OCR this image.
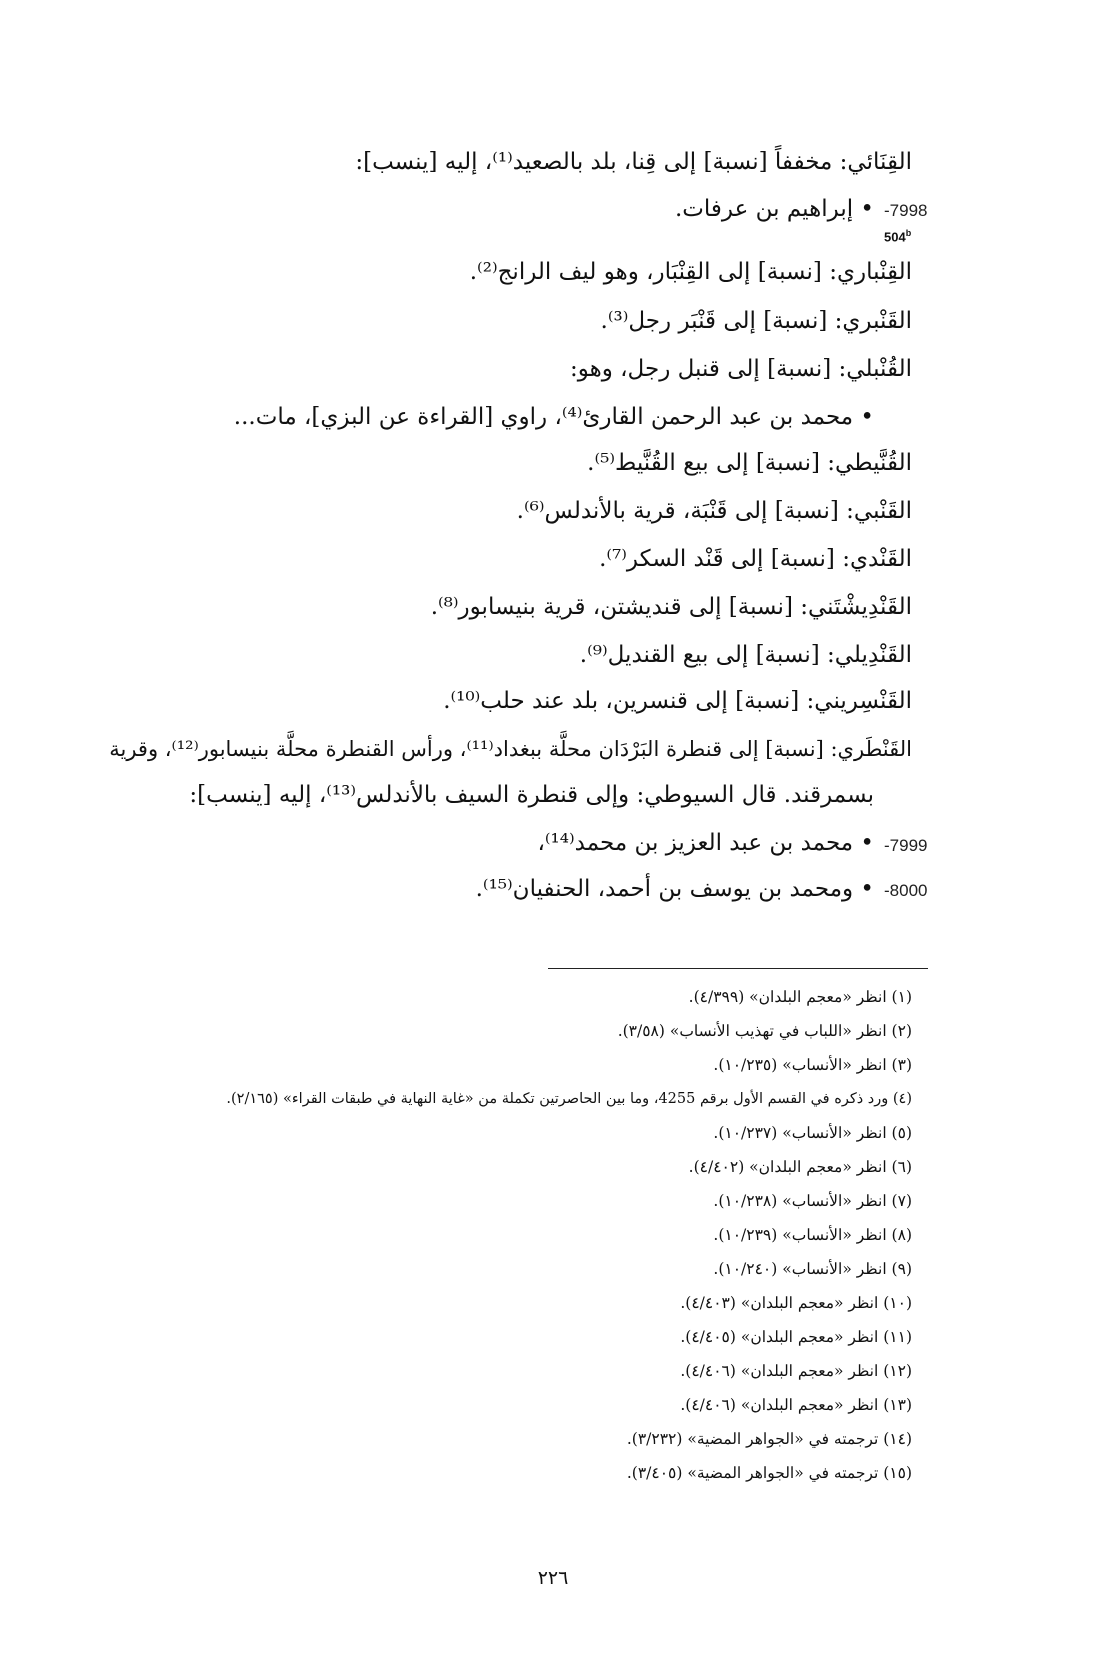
القِنَائي: مخففاً [نسبة] إلى قِنا، بلد بالصعيد⁽¹⁾، إليه [ينسب]:
• إبراهيم بن عرفات. -7998
504$^b$
القِنْباري: [نسبة] إلى القِنْبَار، وهو ليف الرانج⁽²⁾.
القَنْبري: [نسبة] إلى قَنْبَر رجل⁽³⁾.
القُنْبلي: [نسبة] إلى قنبل رجل، وهو:
• محمد بن عبد الرحمن القارئ⁽⁴⁾، راوي [القراءة عن البزي]، مات...
القُنَّيطي: [نسبة] إلى بيع القُنَّيط⁽⁵⁾.
القَنْبي: [نسبة] إلى قَنْبَة، قرية بالأندلس⁽⁶⁾.
القَنْدي: [نسبة] إلى قَنْد السكر⁽⁷⁾.
القَنْدِيشْتَني: [نسبة] إلى قنديشتن، قرية بنيسابور⁽⁸⁾.
القَنْدِيلي: [نسبة] إلى بيع القنديل⁽⁹⁾.
القَنْسِريني: [نسبة] إلى قنسرين، بلد عند حلب⁽¹⁰⁾.
القَنْطَري: [نسبة] إلى قنطرة البَرْدَان محلَّة ببغداد⁽¹¹⁾، ورأس القنطرة محلَّة بنيسابور⁽¹²⁾، وقرية
بسمرقند. قال السيوطي: وإلى قنطرة السيف بالأندلس⁽¹³⁾، إليه [ينسب]:
• محمد بن عبد العزيز بن محمد⁽¹⁴⁾، -7999
• ومحمد بن يوسف بن أحمد، الحنفيان⁽¹⁵⁾. -8000
(١) انظر «معجم البلدان» (٤/٣٩٩).
(٢) انظر «اللباب في تهذيب الأنساب» (٣/٥٨).
(٣) انظر «الأنساب» (١٠/٢٣٥).
(٤) ورد ذكره في القسم الأول برقم 4255، وما بين الحاصرتين تكملة من «غاية النهاية في طبقات القراء» (٢/١٦٥).
(٥) انظر «الأنساب» (١٠/٢٣٧).
(٦) انظر «معجم البلدان» (٤/٤٠٢).
(٧) انظر «الأنساب» (١٠/٢٣٨).
(٨) انظر «الأنساب» (١٠/٢٣٩).
(٩) انظر «الأنساب» (١٠/٢٤٠).
(١٠) انظر «معجم البلدان» (٤/٤٠٣).
(١١) انظر «معجم البلدان» (٤/٤٠٥).
(١٢) انظر «معجم البلدان» (٤/٤٠٦).
(١٣) انظر «معجم البلدان» (٤/٤٠٦).
(١٤) ترجمته في «الجواهر المضية» (٣/٢٣٢).
(١٥) ترجمته في «الجواهر المضية» (٣/٤٠٥).
٢٢٦
